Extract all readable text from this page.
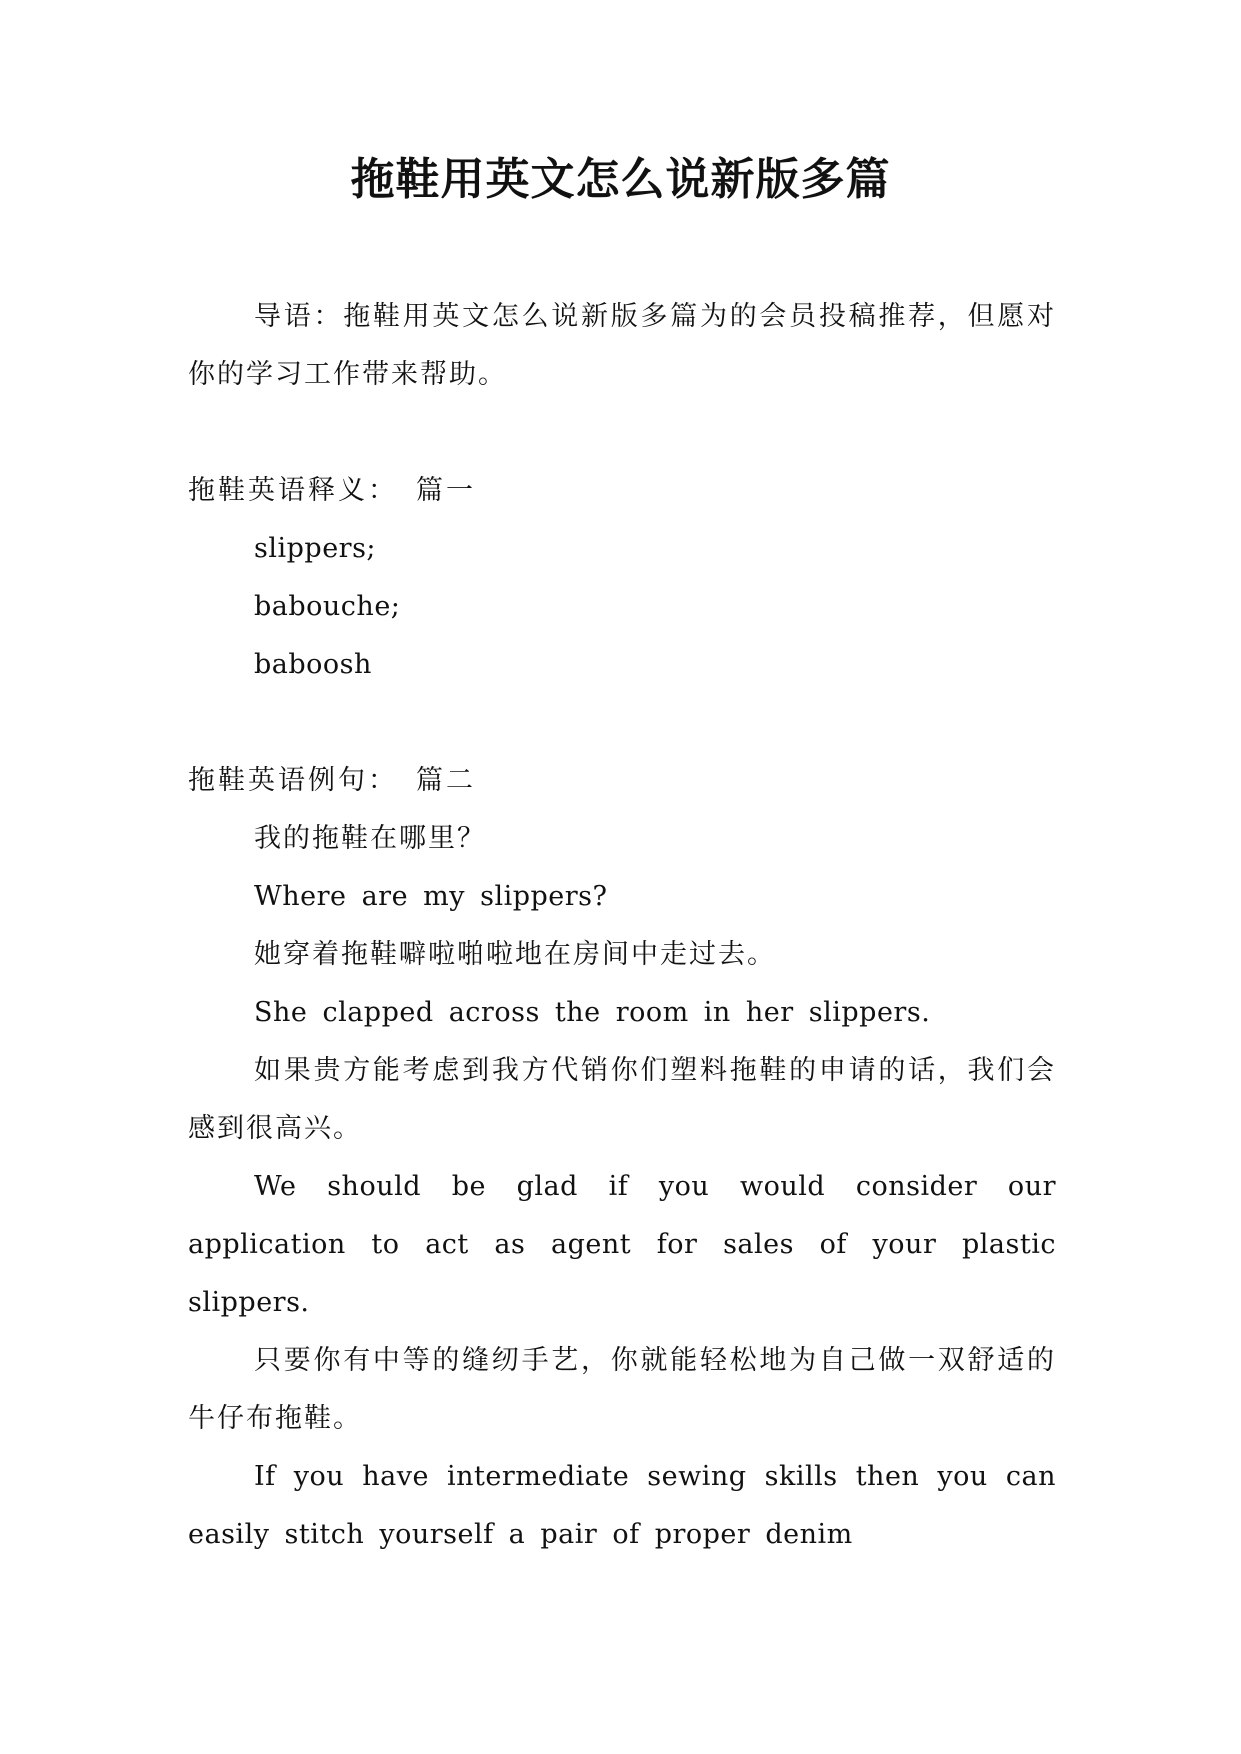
拖鞋用英文怎么说新版多篇

导语：拖鞋用英文怎么说新版多篇为的会员投稿推荐，但愿对你的学习工作带来帮助。

拖鞋英语释义： 篇一

slippers;

babouche;

baboosh

拖鞋英语例句： 篇二

我的拖鞋在哪里？

Where are my slippers?

她穿着拖鞋噼啦啪啦地在房间中走过去。

She clapped across the room in her slippers.

如果贵方能考虑到我方代销你们塑料拖鞋的申请的话，我们会感到很高兴。

We should be glad if you would consider our application to act as agent for sales of your plastic slippers.

只要你有中等的缝纫手艺，你就能轻松地为自己做一双舒适的牛仔布拖鞋。

If you have intermediate sewing skills then you can easily stitch yourself a pair of proper denim
